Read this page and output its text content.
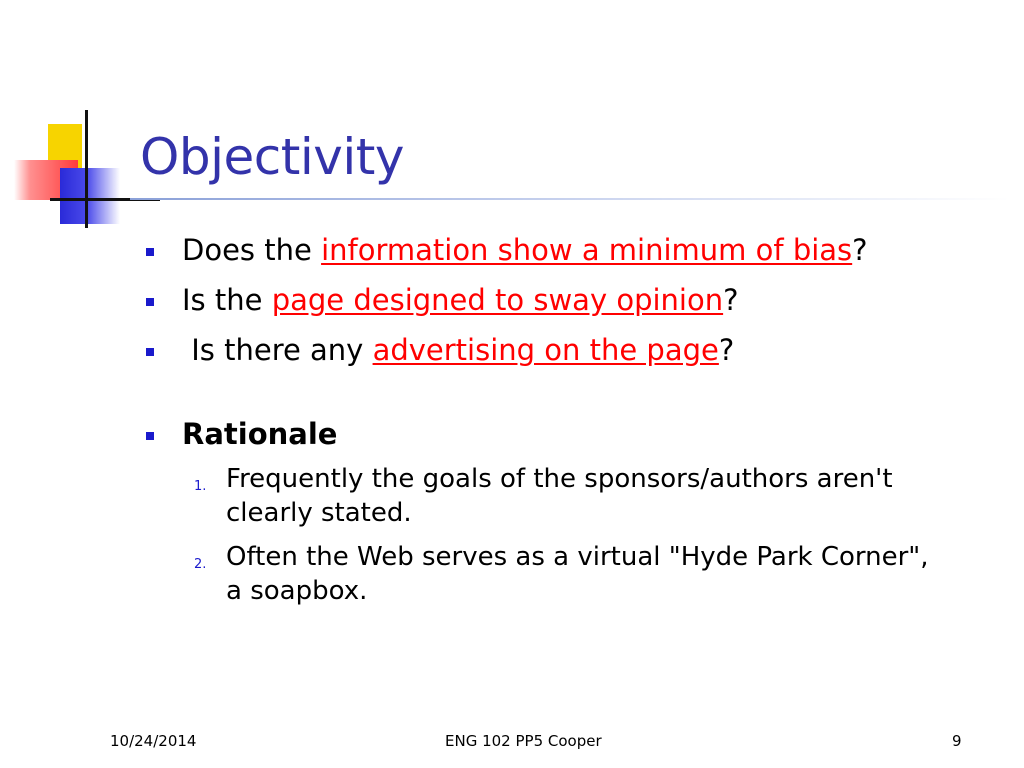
Objectivity
Does the information show a minimum of bias?
Is the page designed to sway opinion?
Is there any advertising on the page?
Rationale
1. Frequently the goals of the sponsors/authors aren't clearly stated.
2. Often the Web serves as a virtual "Hyde Park Corner", a soapbox.
10/24/2014	ENG 102 PP5 Cooper	9
